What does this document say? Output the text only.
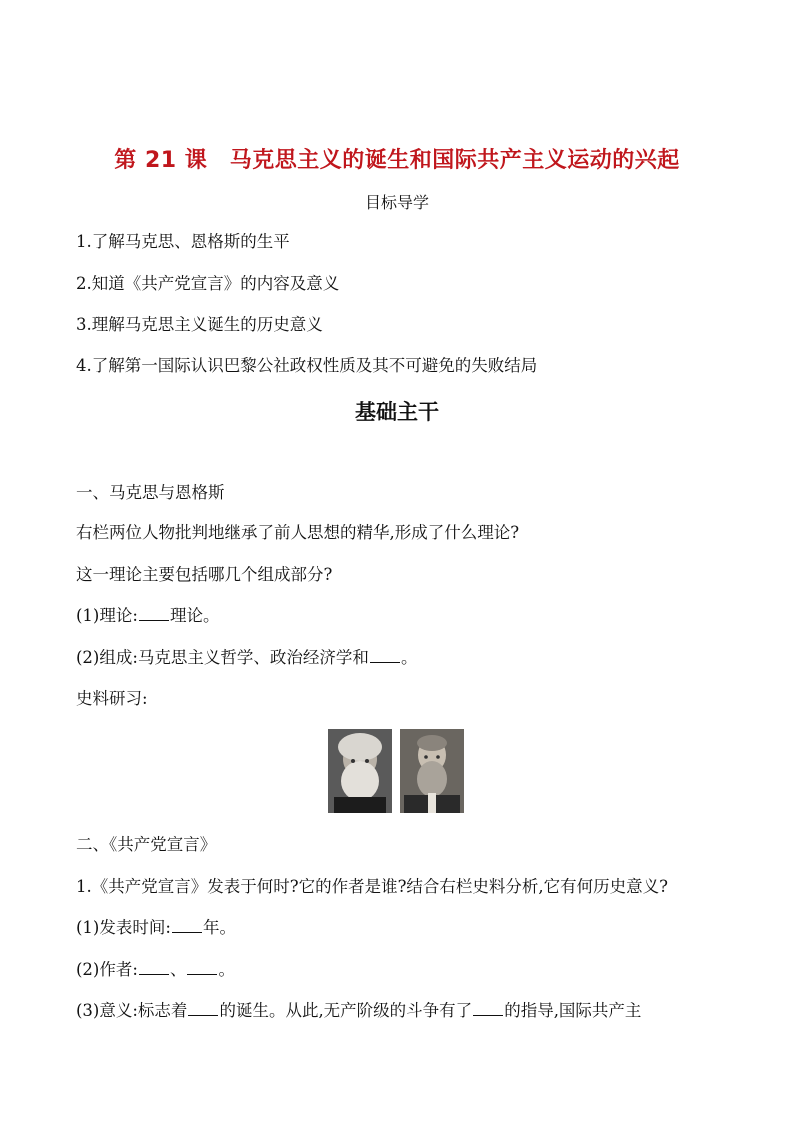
第 21 课　马克思主义的诞生和国际共产主义运动的兴起
目标导学
1.了解马克思、恩格斯的生平
2.知道《共产党宣言》的内容及意义
3.理解马克思主义诞生的历史意义
4.了解第一国际认识巴黎公社政权性质及其不可避免的失败结局
基础主干
一、马克思与恩格斯
右栏两位人物批判地继承了前人思想的精华,形成了什么理论?
这一理论主要包括哪几个组成部分?
(1)理论: 理论。
(2)组成:马克思主义哲学、政治经济学和 。
史料研习:
二、《共产党宣言》
1.《共产党宣言》发表于何时?它的作者是谁?结合右栏史料分析,它有何历史意义?
(1)发表时间: 年。
(2)作者: 、 。
(3)意义:标志着 的诞生。从此,无产阶级的斗争有了 的指导,国际共产主
